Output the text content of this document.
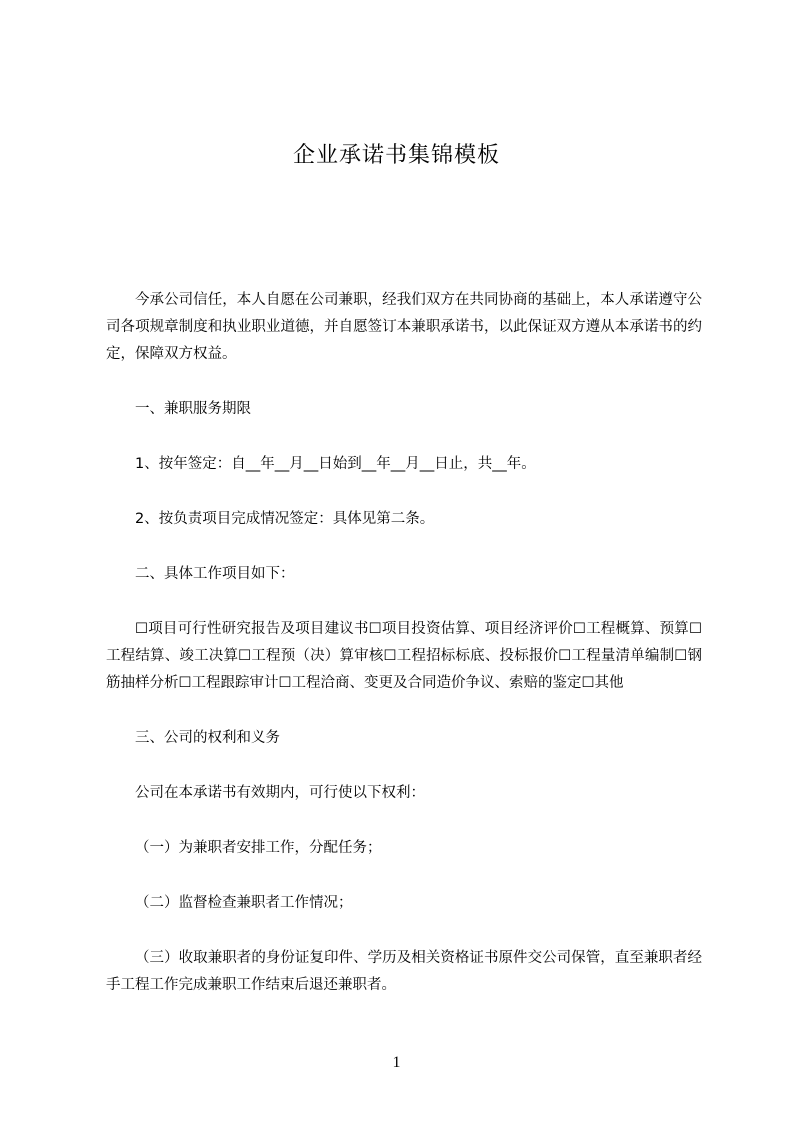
企业承诺书集锦模板

今承公司信任，本人自愿在公司兼职，经我们双方在共同协商的基础上，本人承诺遵守公司各项规章制度和执业职业道德，并自愿签订本兼职承诺书，以此保证双方遵从本承诺书的约定，保障双方权益。

一、兼职服务期限

1、按年签定：自__年__月__日始到__年__月__日止，共__年。

2、按负责项目完成情况签定：具体见第二条。

二、具体工作项目如下：

☐项目可行性研究报告及项目建议书☐项目投资估算、项目经济评价☐工程概算、预算☐工程结算、竣工决算☐工程预（决）算审核☐工程招标标底、投标报价☐工程量清单编制☐钢筋抽样分析☐工程跟踪审计☐工程洽商、变更及合同造价争议、索赔的鉴定☐其他

三、公司的权利和义务

公司在本承诺书有效期内，可行使以下权利：

（一）为兼职者安排工作，分配任务；

（二）监督检查兼职者工作情况；

（三）收取兼职者的身份证复印件、学历及相关资格证书原件交公司保管，直至兼职者经手工程工作完成兼职工作结束后退还兼职者。

1
